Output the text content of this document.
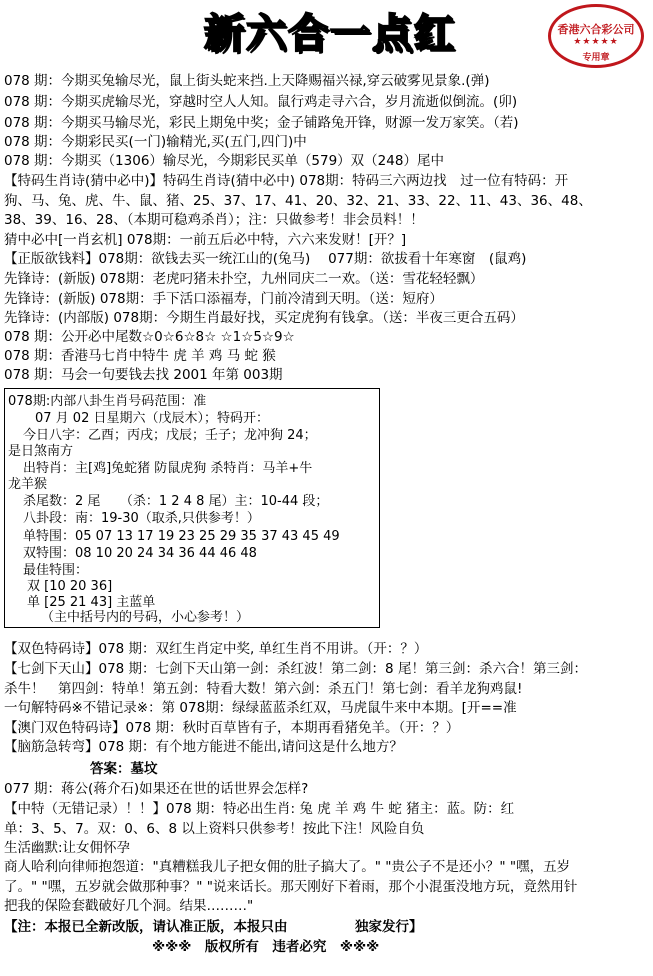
新六合一点红	香港六合彩公司
★★★★★
专用章
078 期：今期买兔输尽光，鼠上街头蛇来挡.上天降赐福兴禄,穿云破雾见景象.(弹)
078 期：今期买虎输尽光，穿越时空人人知。鼠行鸡走寻六合，岁月流逝似倒流。(卯)
078 期：今期买马输尽光，彩民上期兔中奖；金子铺路兔开锋，财源一发万家笑。（若)
078 期：今期彩民买(一门)输精光,买(五门,四门)中
078 期：今期买（1306）输尽光，今期彩民买单（579）双（248）尾中
【特码生肖诗(猜中必中)】特码生肖诗(猜中必中) 078期：特码三六两边找　过一位有特码：开
狗、马、兔、虎、牛、鼠、猪、25、37、17、41、20、32、21、33、22、11、43、36、48、
38、39、16、28、（本期可稳鸡杀肖）；注：只做参考！非会员料！！
猜中必中[一肖玄机] 078期：一前五后必中特，六六来发财！[开？]
【正版欲钱料】078期：欲钱去买一统江山的(兔马)　 077期：欲拔看十年寒窗　(鼠鸡)
先锋诗：(新版) 078期：老虎叼猪未扑空，九州同庆二一欢。（送：雪花轻轻飘）
先锋诗：(新版) 078期：手下活口添福寿，门前冷清到天明。（送：短府）
先锋诗：(内部版) 078期：今期生肖最好找，买定虎狗有钱拿。（送：半夜三更合五码）
078 期：公开必中尾数☆0☆6☆8☆ ☆1☆5☆9☆
078 期：香港马七肖中特牛 虎 羊 鸡 马 蛇 猴
078 期：马会一句要钱去找 2001 年第 003期
078期:内部八卦生肖号码范围：准
07 月 02 日星期六（戊辰木）；特码开：
今日八字：乙酉；丙戌；戊辰；壬子；龙冲狗 24；
是日煞南方
出特肖：主[鸡]兔蛇猪 防鼠虎狗 杀特肖：马羊+牛
龙羊猴
杀尾数：2 尾　　（杀：1 2 4 8 尾）主：10-44 段；
八卦段：南：19-30（取杀,只供参考！）
单特围：05 07 13 17 19 23 25 29 35 37 43 45 49
双特围：08 10 20 24 34 36 44 46 48
最佳特围：
双 [10 20 36]
单 [25 21 43] 主蓝单
（主中括号内的号码，小心参考！）
【双色特码诗】078 期：双红生肖定中奖, 单红生肖不用讲。（开：？）
【七剑下天山】078 期：七剑下天山第一剑：杀红波！第二剑：8 尾！第三剑：杀六合！第三剑：
杀牛！　第四剑：特单！第五剑：特看大数！第六剑：杀五门！第七剑：看羊龙狗鸡鼠!
一句解特码※不错记录※：第 078期：绿绿蓝蓝杀红双，马虎鼠牛来中本期。[开==准
【澳门双色特码诗】078 期：秋时百草皆有子，本期再看猪免羊。（开：？）
【脑筋急转弯】078 期：有个地方能进不能出,请问这是什么地方？
答案：墓坟
077 期：蒋公(蒋介石)如果还在世的话世界会怎样?
【中特（无错记录）！！】078 期：特必出生肖: 兔 虎 羊 鸡 牛 蛇 猪主：蓝。防：红
单：3、5、7。双：0、6、8 以上资料只供参考！按此下注！风险自负
生活幽默:让女佣怀孕
商人哈利向律师抱怨道："真糟糕我儿子把女佣的肚子搞大了。" "贵公子不是还小？" "嘿，五岁
了。" "嘿，五岁就会做那种事？" "说来话长。那天刚好下着雨，那个小混蛋没地方玩，竟然用针
把我的保险套戳破好几个洞。结果………"
【注：本报已全新改版，请认准正版，本报只由　　　　　独家发行】
※※※　版权所有　违者必究　※※※
